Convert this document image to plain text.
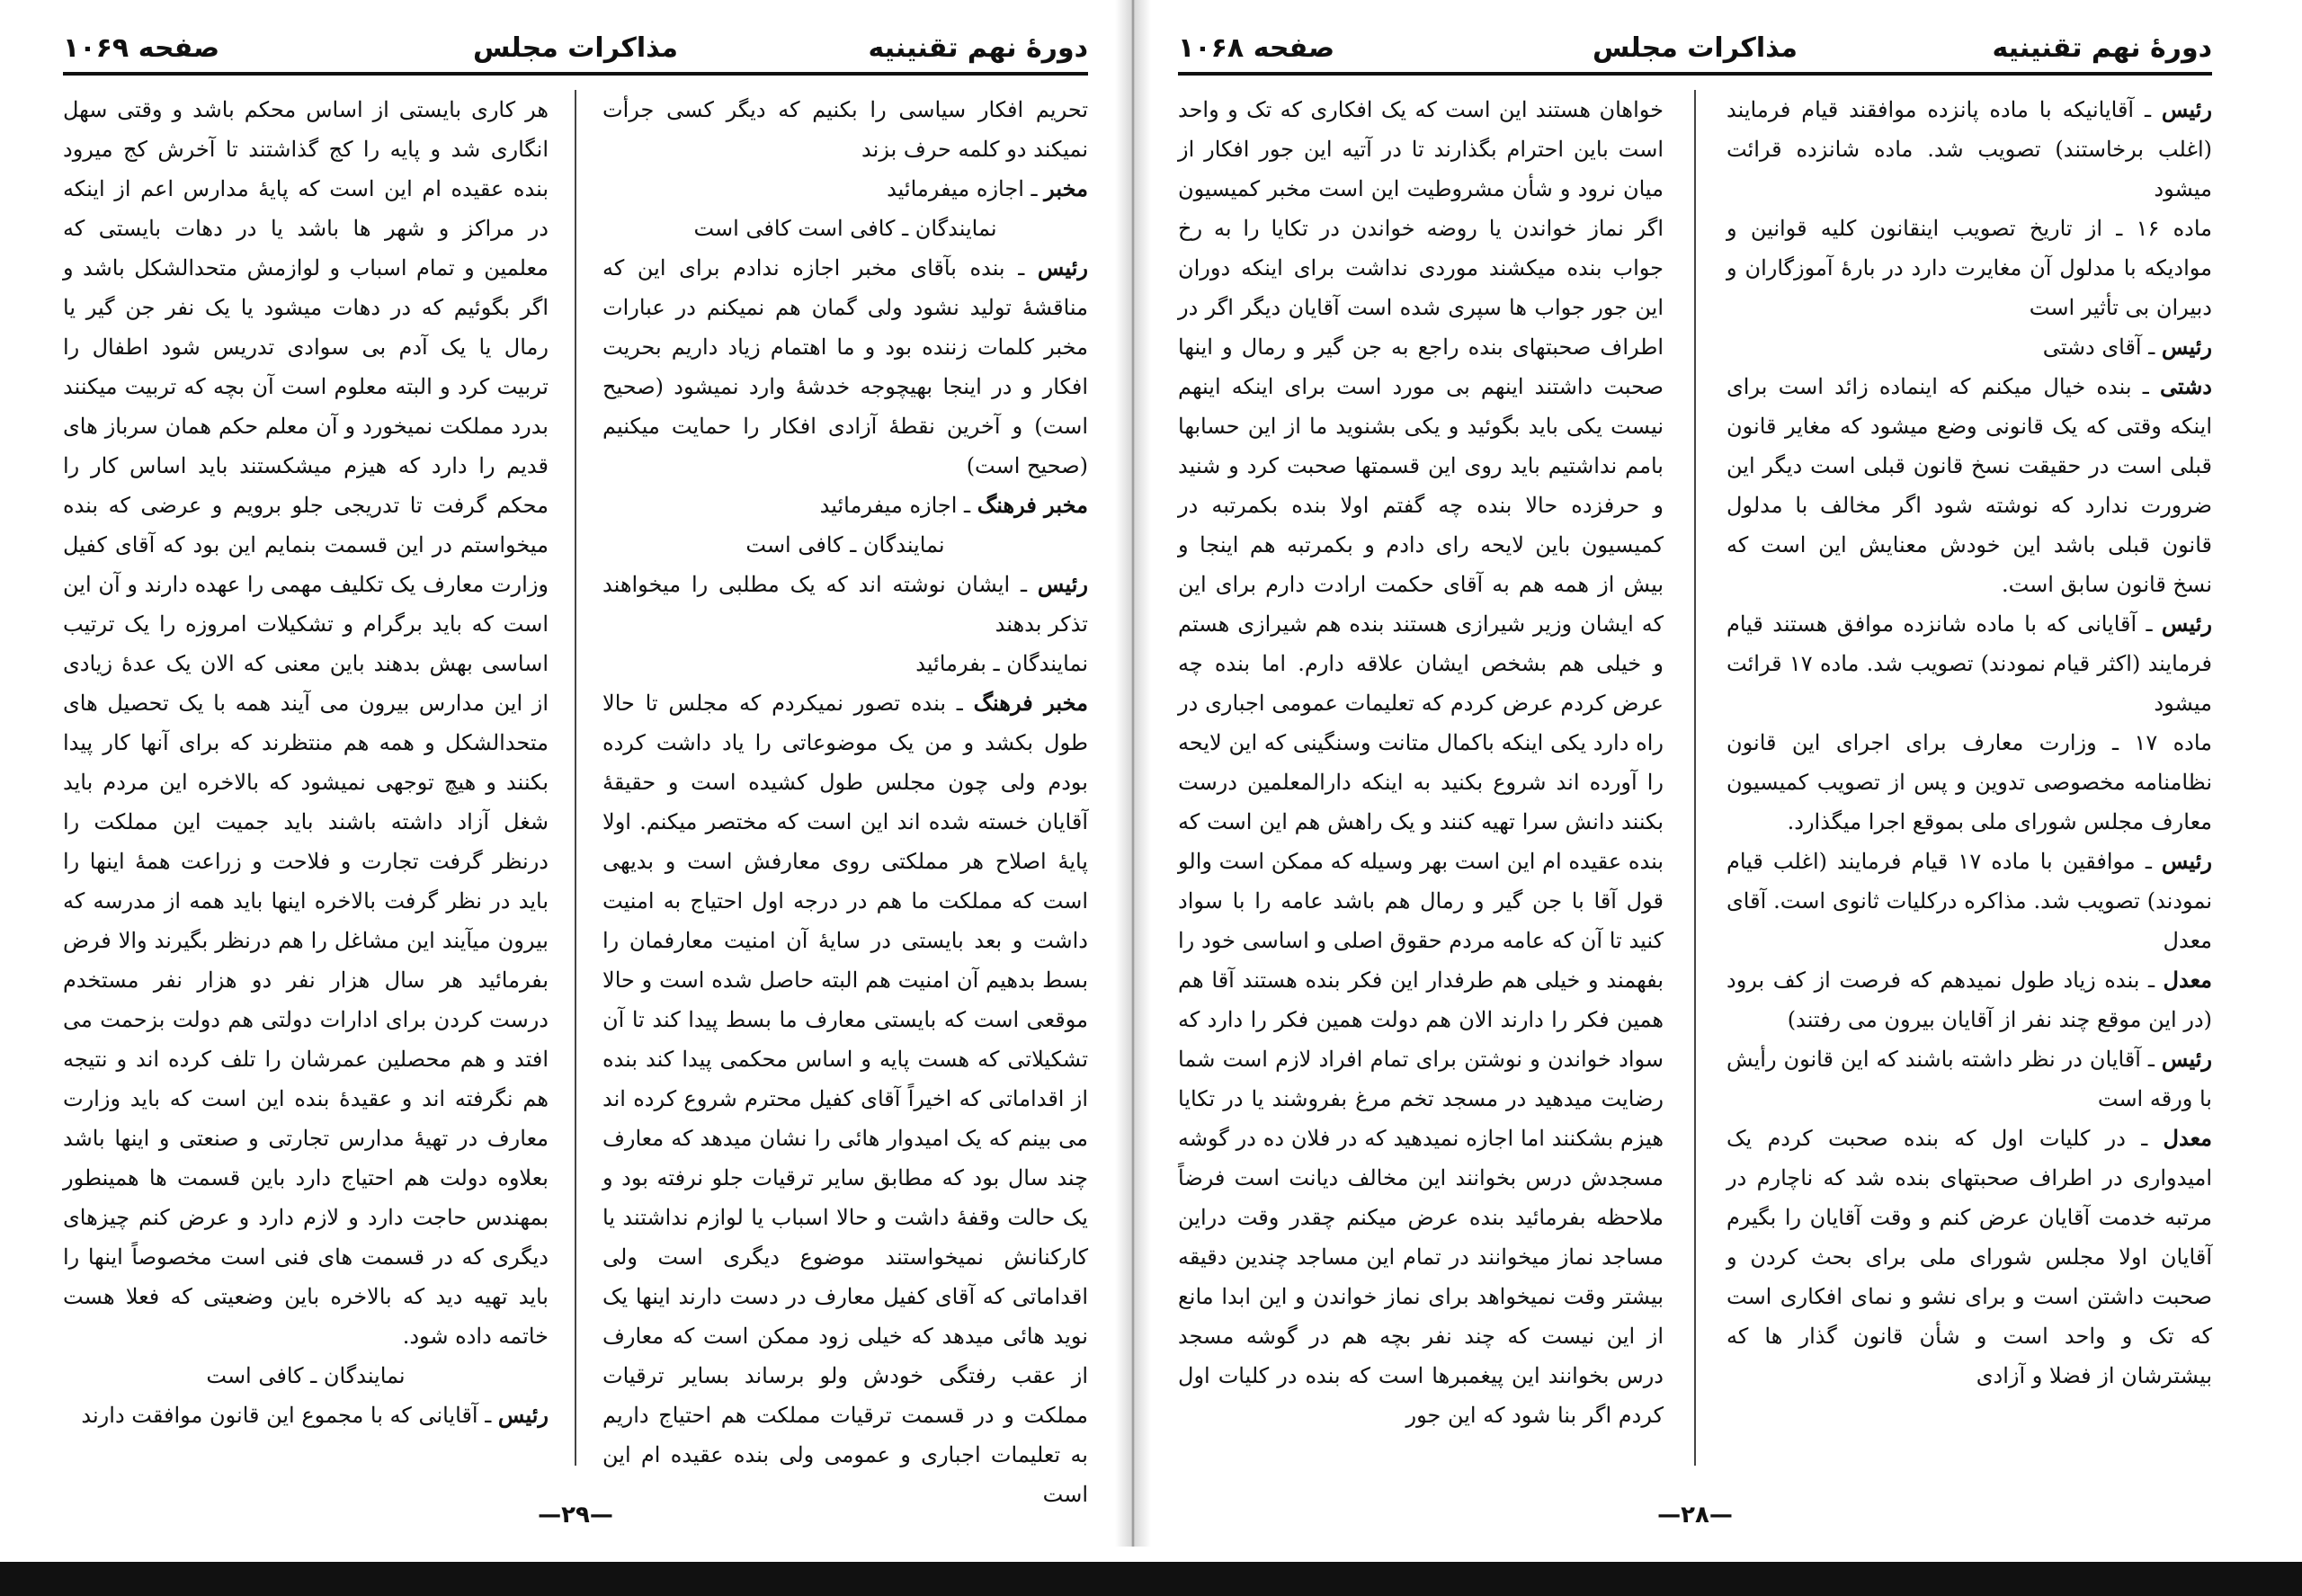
دورهٔ نهم تقنینیه
مذاکرات مجلس
صفحه ۱۰۶۹

تحریم افکار سیاسی را بکنیم که دیگر کسی جرأت نمیکند دو کلمه حرف بزند

مخبر ـ اجازه میفرمائید

نمایندگان ـ کافی است کافی است

رئیس ـ بنده بآقای مخبر اجازه ندادم برای این که مناقشهٔ تولید نشود ولی گمان هم نمیکنم در عبارات مخبر کلمات زننده بود و ما اهتمام زیاد داریم بحریت افکار و در اینجا بهیچوجه خدشهٔ وارد نمیشود (صحیح است) و آخرین نقطهٔ آزادی افکار را حمایت میکنیم (صحیح است)

مخبر فرهنگ ـ اجازه میفرمائید

نمایندگان ـ کافی است

رئیس ـ ایشان نوشته اند که یک مطلبی را میخواهند تذکر بدهند

نمایندگان ـ بفرمائید

مخبر فرهنگ ـ بنده تصور نمیکردم که مجلس تا حالا طول بکشد و من یک موضوعاتی را یاد داشت کرده بودم ولی چون مجلس طول کشیده است و حقیقهٔ آقایان خسته شده اند این است که مختصر میکنم. اولا پایهٔ اصلاح هر مملکتی روی معارفش است و بدیهی است که مملکت ما هم در درجه اول احتیاج به امنیت داشت و بعد بایستی در سایهٔ آن امنیت معارفمان را بسط بدهیم آن امنیت هم البته حاصل شده است و حالا موقعی است که بایستی معارف ما بسط پیدا کند تا آن تشکیلاتی که هست پایه و اساس محکمی پیدا کند بنده از اقداماتی که اخیراً آقای کفیل محترم شروع کرده اند می بینم که یک امیدوار هائی را نشان میدهد که معارف چند سال بود که مطابق سایر ترقیات جلو نرفته بود و یک حالت وقفهٔ داشت و حالا اسباب یا لوازم نداشتند یا کارکنانش نمیخواستند موضوع دیگری است ولی اقداماتی که آقای کفیل معارف در دست دارند اینها یک نوید هائی میدهد که خیلی زود ممکن است که معارف از عقب رفتگی خودش ولو برساند بسایر ترقیات مملکت و در قسمت ترقیات مملکت هم احتیاج داریم به تعلیمات اجباری و عمومی ولی بنده عقیده ام این است

هر کاری بایستی از اساس محکم باشد و وقتی سهل انگاری شد و پایه را کج گذاشتند تا آخرش کج میرود بنده عقیده ام این است که پایهٔ مدارس اعم از اینکه در مراکز و شهر ها باشد یا در دهات بایستی که معلمین و تمام اسباب و لوازمش متحدالشکل باشد و اگر بگوئیم که در دهات میشود یا یک نفر جن گیر یا رمال یا یک آدم بی سوادی تدریس شود اطفال را تربیت کرد و البته معلوم است آن بچه که تربیت میکنند بدرد مملکت نمیخورد و آن معلم حکم همان سرباز های قدیم را دارد که هیزم میشکستند باید اساس کار را محکم گرفت تا تدریجی جلو برویم و عرضی که بنده میخواستم در این قسمت بنمایم این بود که آقای کفیل وزارت معارف یک تکلیف مهمی را عهده دارند و آن این است که باید برگرام و تشکیلات امروزه را یک ترتیب اساسی بهش بدهند باین معنی که الان یک عدهٔ زیادی از این مدارس بیرون می آیند همه با یک تحصیل های متحدالشکل و همه هم منتظرند که برای آنها کار پیدا بکنند و هیچ توجهی نمیشود که بالاخره این مردم باید شغل آزاد داشته باشند باید جمیت این مملکت را درنظر گرفت تجارت و فلاحت و زراعت همهٔ اینها را باید در نظر گرفت بالاخره اینها باید همه از مدرسه که بیرون میآیند این مشاغل را هم درنظر بگیرند والا فرض بفرمائید هر سال هزار نفر دو هزار نفر مستخدم درست کردن برای ادارات دولتی هم دولت بزحمت می افتد و هم محصلین عمرشان را تلف کرده اند و نتیجه هم نگرفته اند و عقیدهٔ بنده این است که باید وزارت معارف در تهیهٔ مدارس تجارتی و صنعتی و اینها باشد بعلاوه دولت هم احتیاج دارد باین قسمت ها همینطور بمهندس حاجت دارد و لازم دارد و عرض کنم چیزهای دیگری که در قسمت های فنی است مخصوصاً اینها را باید تهیه دید که بالاخره باین وضعیتی که فعلا هست خاتمه داده شود.

نمایندگان ـ کافی است

رئیس ـ آقایانی که با مجموع این قانون موافقت دارند

—۲۹—
دورهٔ نهم تقنینیه
مذاکرات مجلس
صفحه ۱۰۶۸

رئیس ـ آقایانیکه با ماده پانزده موافقند قیام فرمایند (اغلب برخاستند) تصویب شد. ماده شانزده قرائت میشود

ماده ۱۶ ـ از تاریخ تصویب اینقانون کلیه قوانین و موادیکه با مدلول آن مغایرت دارد در بارهٔ آموزگاران و دبیران بی تأثیر است

رئیس ـ آقای دشتی

دشتی ـ بنده خیال میکنم که اینماده زائد است برای اینکه وقتی که یک قانونی وضع میشود که مغایر قانون قبلی است در حقیقت نسخ قانون قبلی است دیگر این ضرورت ندارد که نوشته شود اگر مخالف با مدلول قانون قبلی باشد این خودش معنایش این است که نسخ قانون سابق است.

رئیس ـ آقایانی که با ماده شانزده موافق هستند قیام فرمایند (اکثر قیام نمودند) تصویب شد. ماده ۱۷ قرائت میشود

ماده ۱۷ ـ وزارت معارف برای اجرای این قانون نظامنامه مخصوصی تدوین و پس از تصویب کمیسیون معارف مجلس شورای ملی بموقع اجرا میگذارد.

رئیس ـ موافقین با ماده ۱۷ قیام فرمایند (اغلب قیام نمودند) تصویب شد. مذاکره درکلیات ثانوی است. آقای معدل

معدل ـ بنده زیاد طول نمیدهم که فرصت از کف برود (در این موقع چند نفر از آقایان بیرون می رفتند)

رئیس ـ آقایان در نظر داشته باشند که این قانون رأیش با ورقه است

معدل ـ در کلیات اول که بنده صحبت کردم یک امیدواری در اطراف صحبتهای بنده شد که ناچارم در مرتبه خدمت آقایان عرض کنم و وقت آقایان را بگیرم آقایان اولا مجلس شورای ملی برای بحث کردن و صحبت داشتن است و برای نشو و نمای افکاری است که تک و واحد است و شأن قانون گذار ها که بیشترشان از فضلا و آزادی

خواهان هستند این است که یک افکاری که تک و واحد است باین احترام بگذارند تا در آتیه این جور افکار از میان نرود و شأن مشروطیت این است مخبر کمیسیون اگر نماز خواندن یا روضه خواندن در تکایا را به رخ جواب بنده میکشند موردی نداشت برای اینکه دوران این جور جواب ها سپری شده است آقایان دیگر اگر در اطراف صحبتهای بنده راجع به جن گیر و رمال و اینها صحبت داشتند اینهم بی مورد است برای اینکه اینهم نیست یکی باید بگوئید و یکی بشنوید ما از این حسابها بامم نداشتیم باید روی این قسمتها صحبت کرد و شنید و حرفزده حالا بنده چه گفتم اولا بنده بکمرتبه در کمیسیون باین لایحه رای دادم و بکمرتبه هم اینجا و بیش از همه هم به آقای حکمت ارادت دارم برای این که ایشان وزیر شیرازی هستند بنده هم شیرازی هستم و خیلی هم بشخص ایشان علاقه دارم. اما بنده چه عرض کردم عرض کردم که تعلیمات عمومی اجباری در راه دارد یکی اینکه باکمال متانت وسنگینی که این لایحه را آورده اند شروع بکنید به اینکه دارالمعلمین درست بکنند دانش سرا تهیه کنند و یک راهش هم این است که بنده عقیده ام این است بهر وسیله که ممکن است والو قول آقا با جن گیر و رمال هم باشد عامه را با سواد کنید تا آن که عامه مردم حقوق اصلی و اساسی خود را بفهمند و خیلی هم طرفدار این فکر بنده هستند آقا هم همین فکر را دارند الان هم دولت همین فکر را دارد که سواد خواندن و نوشتن برای تمام افراد لازم است شما رضایت میدهید در مسجد تخم مرغ بفروشند یا در تکایا هیزم بشکنند اما اجازه نمیدهید که در فلان ده در گوشه مسجدش درس بخوانند این مخالف دیانت است فرضاً ملاحظه بفرمائید بنده عرض میکنم چقدر وقت دراین مساجد نماز میخوانند در تمام این مساجد چندین دقیقه بیشتر وقت نمیخواهد برای نماز خواندن و این ابدا مانع از این نیست که چند نفر بچه هم در گوشه مسجد درس بخوانند این پیغمبرها است که بنده در کلیات اول کردم اگر بنا شود که این جور

—۲۸—
